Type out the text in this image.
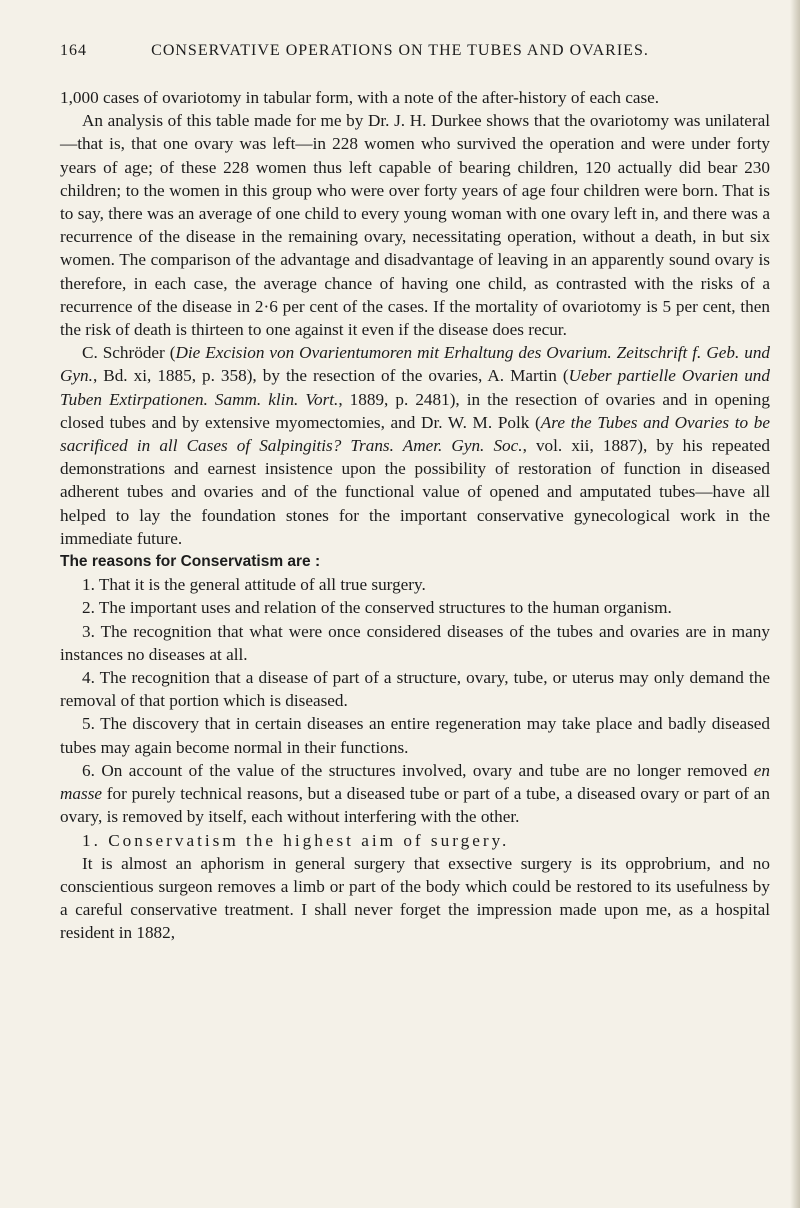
164	CONSERVATIVE OPERATIONS ON THE TUBES AND OVARIES.

1,000 cases of ovariotomy in tabular form, with a note of the after-history of each case.

An analysis of this table made for me by Dr. J. H. Durkee shows that the ovariotomy was unilateral—that is, that one ovary was left—in 228 women who survived the operation and were under forty years of age; of these 228 women thus left capable of bearing children, 120 actually did bear 230 children; to the women in this group who were over forty years of age four children were born. That is to say, there was an average of one child to every young woman with one ovary left in, and there was a recurrence of the disease in the remaining ovary, necessitating operation, without a death, in but six women. The comparison of the advantage and disadvantage of leaving in an apparently sound ovary is therefore, in each case, the average chance of having one child, as contrasted with the risks of a recurrence of the disease in 2·6 per cent of the cases. If the mortality of ovariotomy is 5 per cent, then the risk of death is thirteen to one against it even if the disease does recur.

C. Schröder (Die Excision von Ovarientumoren mit Erhaltung des Ovarium. Zeitschrift f. Geb. und Gyn., Bd. xi, 1885, p. 358), by the resection of the ovaries, A. Martin (Ueber partielle Ovarien und Tuben Extirpationen. Samm. klin. Vort., 1889, p. 2481), in the resection of ovaries and in opening closed tubes and by extensive myomectomies, and Dr. W. M. Polk (Are the Tubes and Ovaries to be sacrificed in all Cases of Salpingitis? Trans. Amer. Gyn. Soc., vol. xii, 1887), by his repeated demonstrations and earnest insistence upon the possibility of restoration of function in diseased adherent tubes and ovaries and of the functional value of opened and amputated tubes—have all helped to lay the foundation stones for the important conservative gynecological work in the immediate future.

The reasons for Conservatism are :

1. That it is the general attitude of all true surgery.

2. The important uses and relation of the conserved structures to the human organism.

3. The recognition that what were once considered diseases of the tubes and ovaries are in many instances no diseases at all.

4. The recognition that a disease of part of a structure, ovary, tube, or uterus may only demand the removal of that portion which is diseased.

5. The discovery that in certain diseases an entire regeneration may take place and badly diseased tubes may again become normal in their functions.

6. On account of the value of the structures involved, ovary and tube are no longer removed en masse for purely technical reasons, but a diseased tube or part of a tube, a diseased ovary or part of an ovary, is removed by itself, each without interfering with the other.

1. Conservatism the highest aim of surgery.

It is almost an aphorism in general surgery that exsective surgery is its opprobrium, and no conscientious surgeon removes a limb or part of the body which could be restored to its usefulness by a careful conservative treatment. I shall never forget the impression made upon me, as a hospital resident in 1882,
